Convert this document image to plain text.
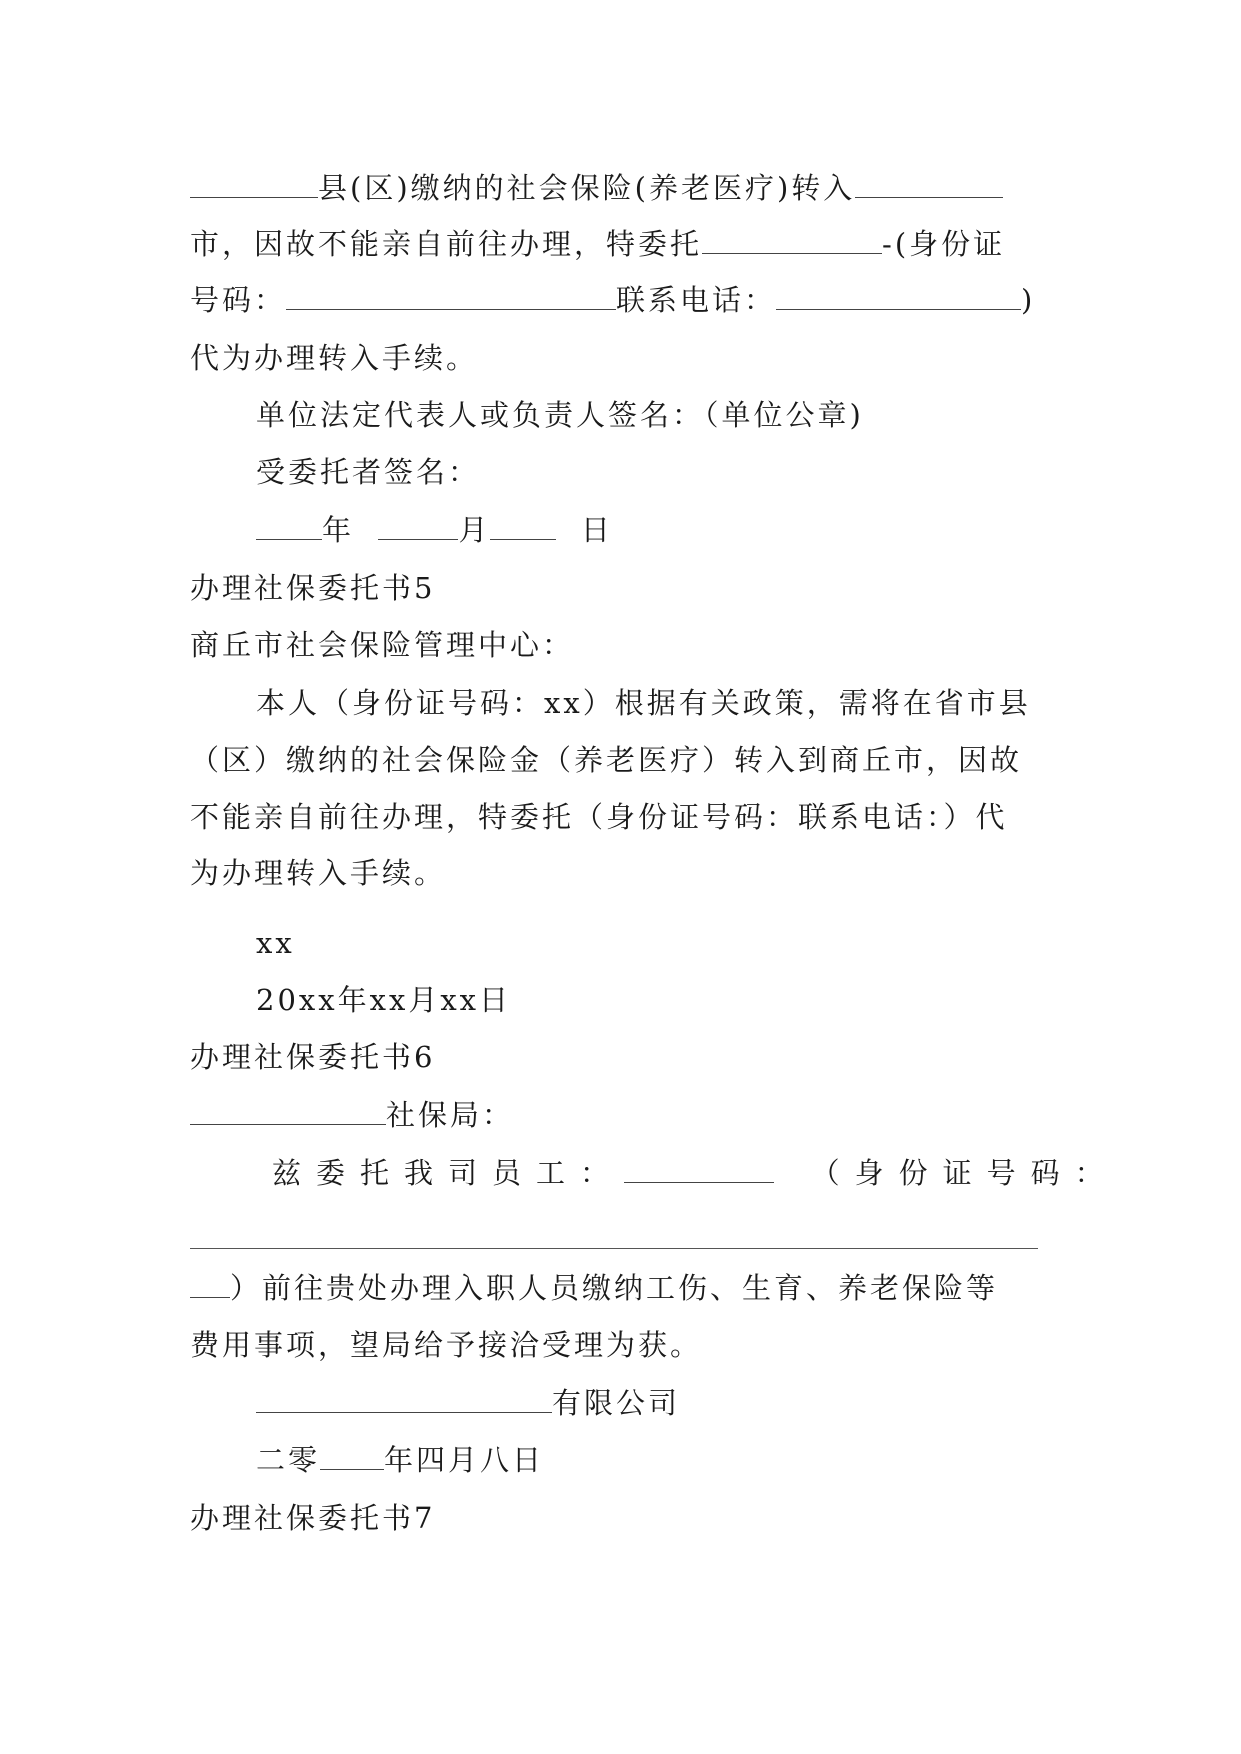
县(区)缴纳的社会保险(养老医疗)转入
市，因故不能亲自前往办理，特委托	-(身份证
号码：	联系电话：	)
代为办理转入手续。
单位法定代表人或负责人签名：（单位公章)
受委托者签名：
年	月	日
办理社保委托书5
商丘市社会保险管理中心：
本人（身份证号码：xx）根据有关政策，需将在省市县
（区）缴纳的社会保险金（养老医疗）转入到商丘市，因故
不能亲自前往办理，特委托（身份证号码：联系电话：）代
为办理转入手续。
xx
20xx年xx月xx日
办理社保委托书6
社保局：
兹委托我司员工：	（身份证号码：
）前往贵处办理入职人员缴纳工伤、生育、养老保险等
费用事项，望局给予接洽受理为获。
有限公司
二零 年四月八日
办理社保委托书7
